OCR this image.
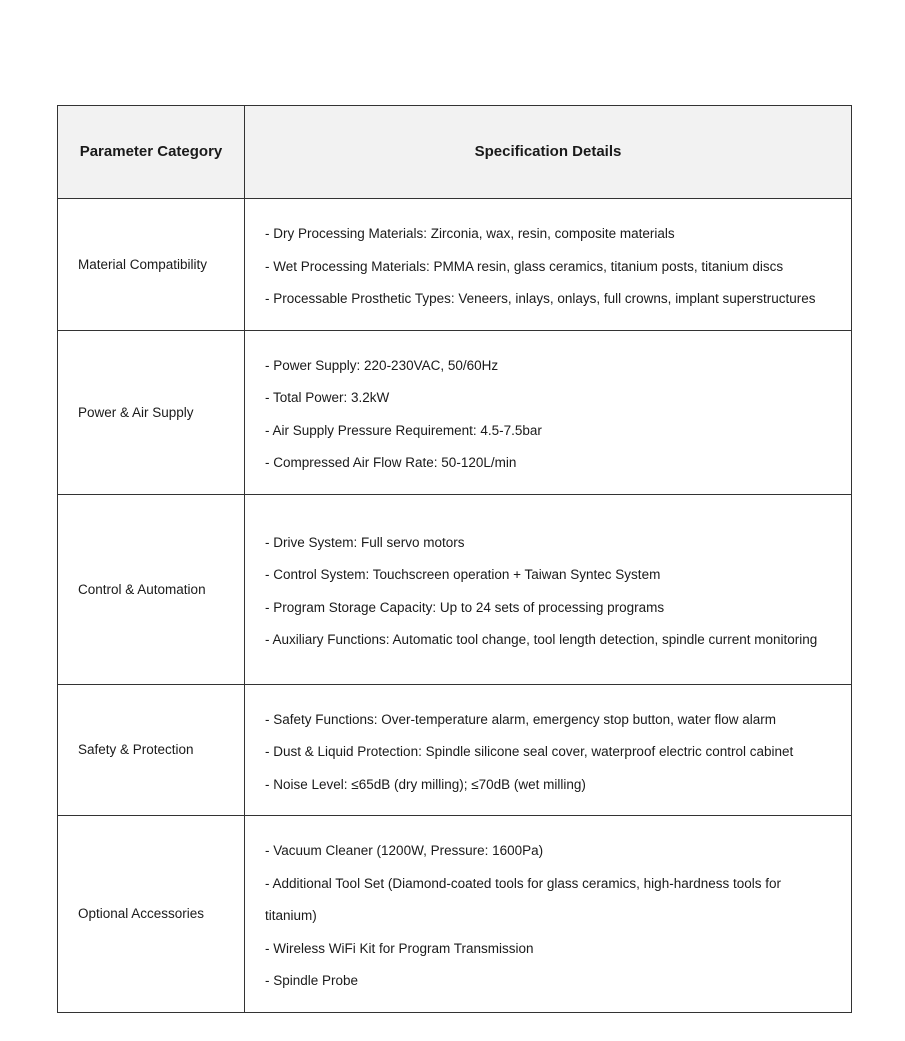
Parameter Category	Specification Details
Material Compatibility	- Dry Processing Materials: Zirconia, wax, resin, composite materials
- Wet Processing Materials: PMMA resin, glass ceramics, titanium posts, titanium discs
- Processable Prosthetic Types: Veneers, inlays, onlays, full crowns, implant superstructures

Power & Air Supply	- Power Supply: 220-230VAC, 50/60Hz
- Total Power: 3.2kW
- Air Supply Pressure Requirement: 4.5-7.5bar
- Compressed Air Flow Rate: 50-120L/min

Control & Automation	- Drive System: Full servo motors
- Control System: Touchscreen operation + Taiwan Syntec System
- Program Storage Capacity: Up to 24 sets of processing programs
- Auxiliary Functions: Automatic tool change, tool length detection, spindle current monitoring

Safety & Protection	- Safety Functions: Over-temperature alarm, emergency stop button, water flow alarm
- Dust & Liquid Protection: Spindle silicone seal cover, waterproof electric control cabinet
- Noise Level: ≤65dB (dry milling); ≤70dB (wet milling)

Optional Accessories	- Vacuum Cleaner (1200W, Pressure: 1600Pa)
- Additional Tool Set (Diamond-coated tools for glass ceramics, high-hardness tools for titanium)
- Wireless WiFi Kit for Program Transmission
- Spindle Probe
